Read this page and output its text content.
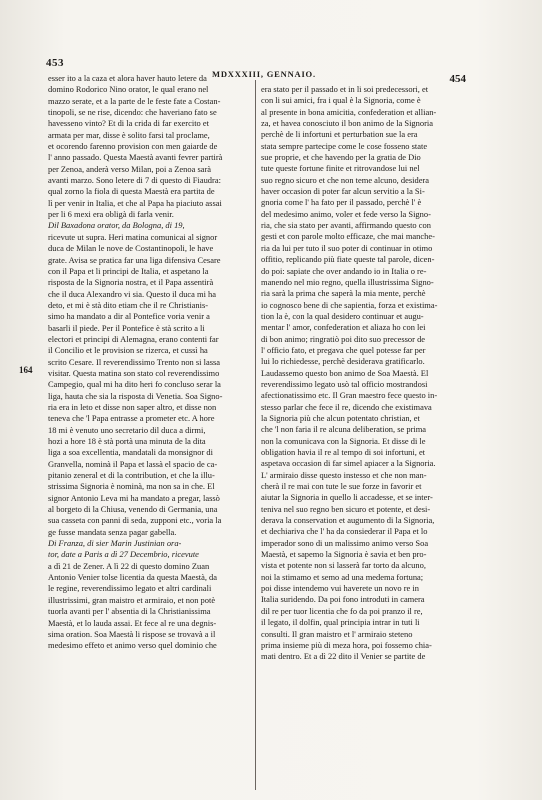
453
MDXXXIII, GENNAIO.	454
164
esser ito a la caza et alora haver hauto letere da
domino Rodorico Nino orator, le qual erano nel
mazzo serate, et a la parte de le feste fate a Costan-
tinopoli, se ne rise, dicendo: che haveriano fato se
havesseno vinto? Et di la crida di far exercito et
armata per mar, disse è solito farsi tal proclame,
et ocorendo farenno provision con men gaiarde de
l' anno passado. Questa Maestà avanti fevrer partirà
per Zenoa, anderà verso Milan, poi a Zenoa sarà
avanti marzo. Sono letere di 7 di questo di Fiaudra:
qual zorno la fiola di questa Maestà era partita de
lì per venir in Italia, et che al Papa ha piaciuto assai
per li 6 mexi era obligà di farla venir.
Dil Baxadona orator, da Bologna, di 19,
ricevute ut supra. Heri matina comunicai al signor
duca de Milan le nove de Costantinopoli, le have
grate. Avisa se pratica far una liga difensiva Cesare
con il Papa et li principi de Italia, et aspetano la
risposta de la Signoria nostra, et il Papa assentirà
che il duca Alexandro vi sia. Questo il duca mi ha
deto, et mi è stà dito etiam che il re Christianis-
simo ha mandato a dir al Pontefice voria venir a
basarli il piede. Per il Pontefice è stà scrito a li
electori et principi di Alemagna, erano contenti far
il Concilio et le provision se rizerca, et cussì ha
scrito Cesare. Il reverendissimo Trento non si lassa
visitar. Questa matina son stato col reverendissimo
Campegio, qual mi ha dito heri fo concluso serar la
liga, hauta che sia la risposta di Venetia. Soa Signo-
ria era in leto et disse non saper altro, et disse non
teneva che 'l Papa entrasse a prometer etc. A hore
18 mi è venuto uno secretario dil duca a dirmi,
hozi a hore 18 è stà portà una minuta de la dita
liga a soa excellentia, mandatali da monsignor di
Granvella, nominà il Papa et lassà el spacio de ca-
pitanio zeneral et di la contribution, et che la illu-
strissima Signoria è nominà, ma non sa in che. El
signor Antonio Leva mi ha mandato a pregar, lassò
al borgeto di la Chiusa, venendo di Germania, una
sua casseta con panni di seda, zupponi etc., voria la
ge fusse mandata senza pagar gabella.
Di Franza, di sier Marin Justinian ora-
tor, date a Paris a dì 27 Decembrio, ricevute
a dì 21 de Zener. A lì 22 di questo domino Zuan
Antonio Venier tolse licentia da questa Maestà, da
le regine, reverendissimo legato et altri cardinali
illustrissimi, gran maistro et armiraio, et non potè
tuorla avanti per l' absentia di la Christianissima
Maestà, et lo lauda assai. Et fece al re una degnis-
sima oration. Soa Maestà li rispose se trovavà a il
medesimo effeto et animo verso quel dominio che
era stato per il passado et in li soi predecessori, et
con li sui amici, fra i qual è la Signoria, come è
al presente in bona amicitia, confederation et allian-
za, et havea conosciuto il bon animo de la Signoria
perchè de li infortuni et perturbation sue la era
stata sempre partecipe come le cose fosseno state
sue proprie, et che havendo per la gratia de Dio
tute queste fortune finite et ritrovandose lui nel
suo regno sicuro et che non teme alcuno, desidera
haver occasion di poter far alcun servitio a la Si-
gnoria come l' ha fato per il passado, perchè l' è
del medesimo animo, voler et fede verso la Signo-
ria, che sia stato per avanti, affirmando questo con
gesti et con parole molto efficaze, che mai manche-
ria da lui per tuto il suo poter di continuar in otimo
offitio, replicando più fiate queste tal parole, dicen-
do poi: sapiate che over andando io in Italia o re-
manendo nel mio regno, quella illustrissima Signo-
ria sarà la prima che saperà la mia mente, perchè
io cognosco bene di che sapientia, forza et existima-
tion la è, con la qual desidero continuar et augu-
mentar l' amor, confederation et aliaza ho con lei
di bon animo; ringratiò poi dito suo precessor de
l' officio fato, et pregava che quel potesse far per
lui lo richiedesse, perchè desiderava gratificarlo.
Laudassemo questo bon animo de Soa Maestà. El
reverendissimo legato usò tal officio mostrandosi
afectionatissimo etc. Il Gran maestro fece questo in-
stesso parlar che fece il re, dicendo che existimava
la Signoria più che alcun potentato christian, et
che 'l non faria il re alcuna deliberation, se prima
non la comunicava con la Signoria. Et disse di le
obligation havia il re al tempo di soi infortuni, et
aspetava occasion di far simel apiacer a la Signoria.
L' armiraio disse questo instesso et che non man-
cherà il re mai con tute le sue forze in favorir et
aiutar la Signoria in quello li accadesse, et se inter-
teniva nel suo regno ben sicuro et potente, et desi-
derava la conservation et augumento di la Signoria,
et dechiariva che l' ha da consiederar il Papa et lo
imperador sono di un malissimo animo verso Soa
Maestà, et sapemo la Signoria è savia et ben pro-
vista et potente non si lasserà far torto da alcuno,
noi la stimamo et semo ad una medema fortuna;
poi disse intendemo vui haverete un novo re in
Italia suridendo. Da poi fono introduti in camera
dil re per tuor licentia che fo da poi pranzo il re,
il legato, il dolfin, qual principia intrar in tuti li
consulti. Il gran maistro et l' armiraio steteno
prima insieme più di meza hora, poi fossemo chia-
mati dentro. Et a dì 22 dito il Venier se partite de
